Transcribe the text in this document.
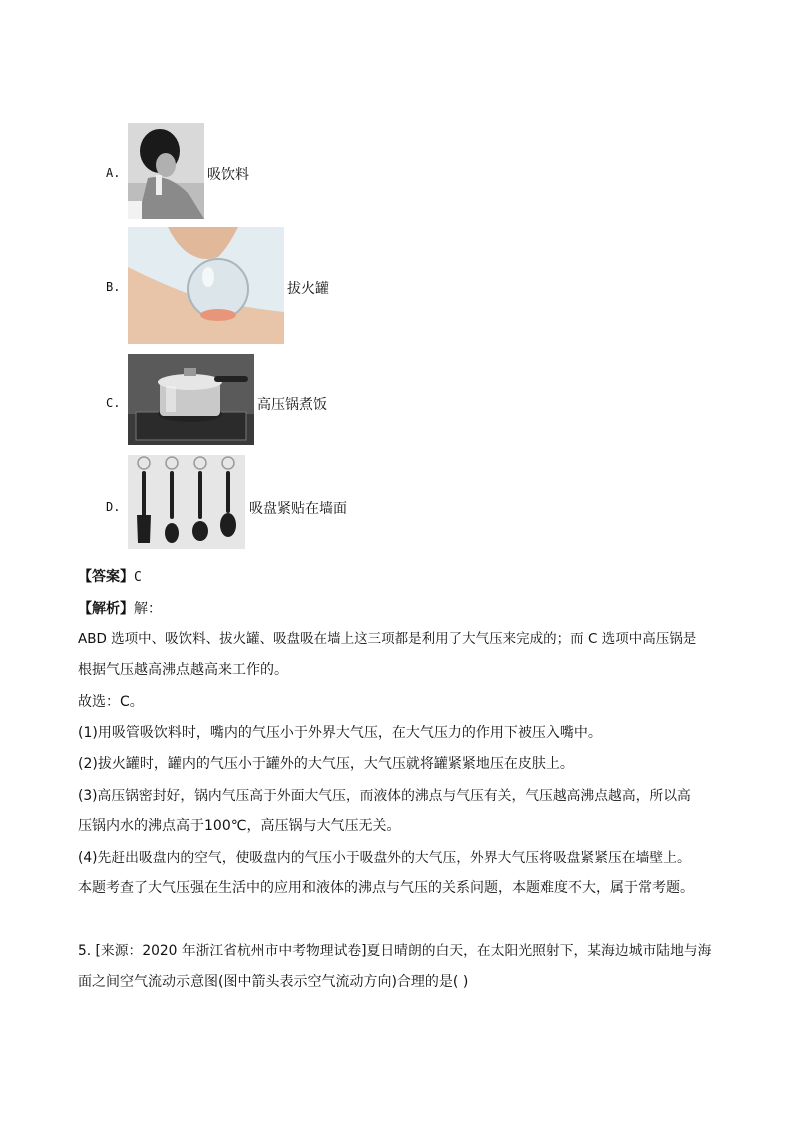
A.	吸饮料
B.	拔火罐
C.	高压锅煮饭
D.	吸盘紧贴在墙面
【答案】C
【解析】解：
ABD 选项中、吸饮料、拔火罐、吸盘吸在墙上这三项都是利用了大气压来完成的；而 C 选项中高压锅是
根据气压越高沸点越高来工作的。
故选：C。
(1)用吸管吸饮料时，嘴内的气压小于外界大气压，在大气压力的作用下被压入嘴中。
(2)拔火罐时，罐内的气压小于罐外的大气压，大气压就将罐紧紧地压在皮肤上。
(3)高压锅密封好，锅内气压高于外面大气压，而液体的沸点与气压有关，气压越高沸点越高，所以高
压锅内水的沸点高于100℃，高压锅与大气压无关。
(4)先赶出吸盘内的空气，使吸盘内的气压小于吸盘外的大气压，外界大气压将吸盘紧紧压在墙壁上。
本题考查了大气压强在生活中的应用和液体的沸点与气压的关系问题，本题难度不大，属于常考题。
5. [来源：2020 年浙江省杭州市中考物理试卷]夏日晴朗的白天，在太阳光照射下，某海边城市陆地与海
面之间空气流动示意图(图中箭头表示空气流动方向)合理的是( )
